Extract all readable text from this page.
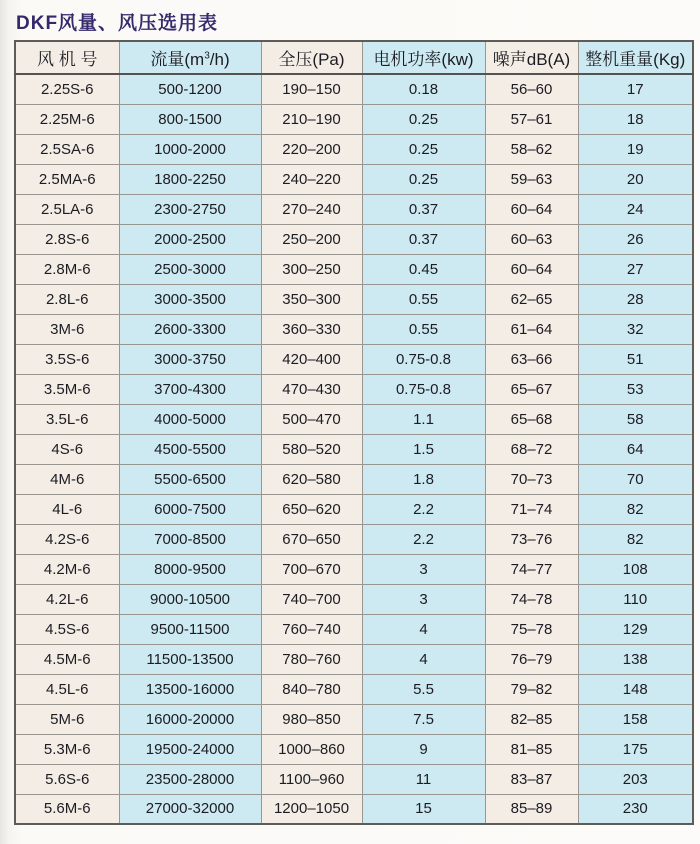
DKF风量、风压选用表
风 机 号	流量$(m^3/h)$	全压(Pa)	电机功率(kw)	噪声dB(A)	整机重量(Kg)
2.25S-6	500-1200	190–150	0.18	56–60	17
2.25M-6	800-1500	210–190	0.25	57–61	18
2.5SA-6	1000-2000	220–200	0.25	58–62	19
2.5MA-6	1800-2250	240–220	0.25	59–63	20
2.5LA-6	2300-2750	270–240	0.37	60–64	24
2.8S-6	2000-2500	250–200	0.37	60–63	26
2.8M-6	2500-3000	300–250	0.45	60–64	27
2.8L-6	3000-3500	350–300	0.55	62–65	28
3M-6	2600-3300	360–330	0.55	61–64	32
3.5S-6	3000-3750	420–400	0.75-0.8	63–66	51
3.5M-6	3700-4300	470–430	0.75-0.8	65–67	53
3.5L-6	4000-5000	500–470	1.1	65–68	58
4S-6	4500-5500	580–520	1.5	68–72	64
4M-6	5500-6500	620–580	1.8	70–73	70
4L-6	6000-7500	650–620	2.2	71–74	82
4.2S-6	7000-8500	670–650	2.2	73–76	82
4.2M-6	8000-9500	700–670	3	74–77	108
4.2L-6	9000-10500	740–700	3	74–78	110
4.5S-6	9500-11500	760–740	4	75–78	129
4.5M-6	11500-13500	780–760	4	76–79	138
4.5L-6	13500-16000	840–780	5.5	79–82	148
5M-6	16000-20000	980–850	7.5	82–85	158
5.3M-6	19500-24000	1000–860	9	81–85	175
5.6S-6	23500-28000	1100–960	11	83–87	203
5.6M-6	27000-32000	1200–1050	15	85–89	230
